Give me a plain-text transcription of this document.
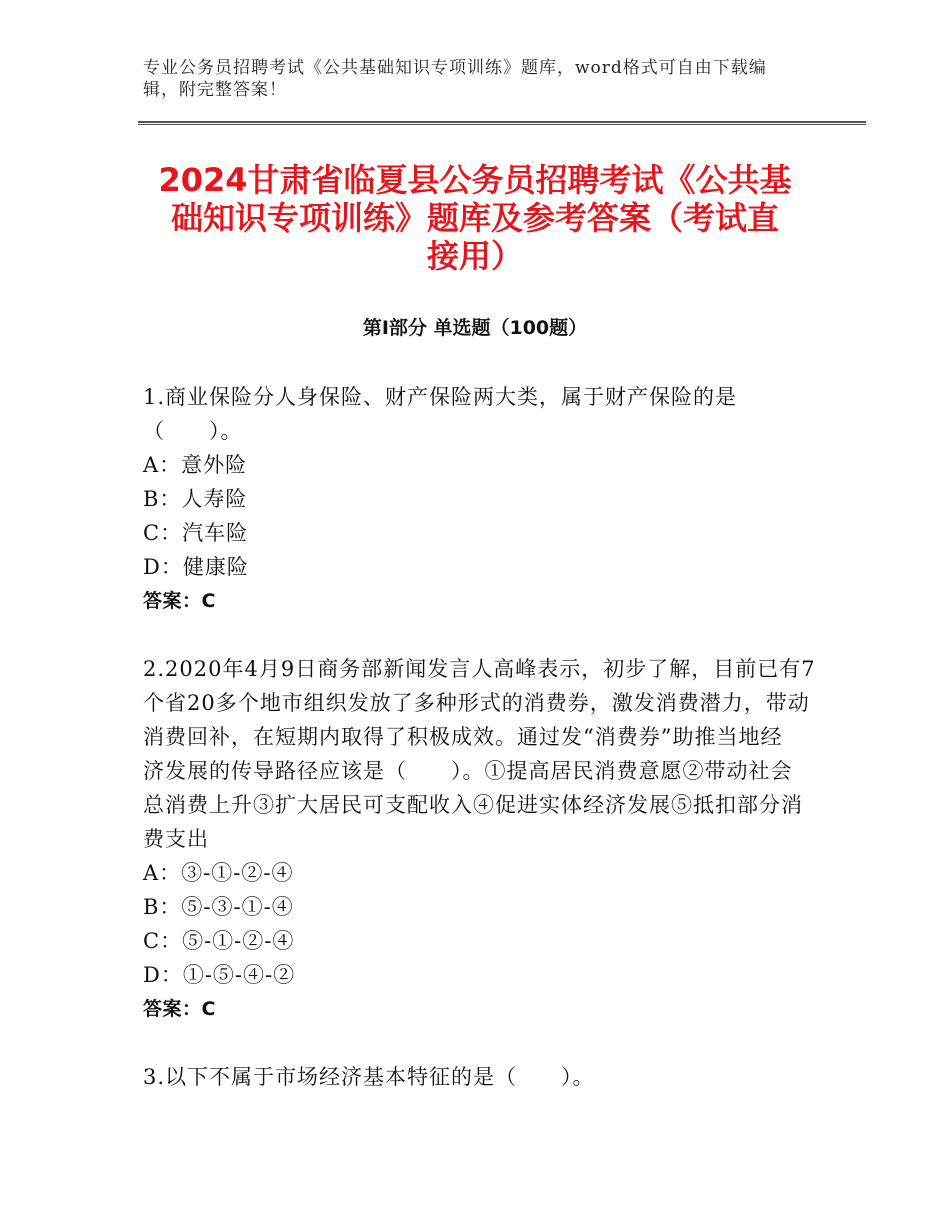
专业公务员招聘考试《公共基础知识专项训练》题库，word格式可自由下载编
辑，附完整答案！
2024甘肃省临夏县公务员招聘考试《公共基
础知识专项训练》题库及参考答案（考试直
接用）
第Ⅰ部分 单选题（100题）
1.商业保险分人身保险、财产保险两大类，属于财产保险的是
（　　）。
A：意外险
B：人寿险
C：汽车险
D：健康险
答案：C
2.2020年4月9日商务部新闻发言人高峰表示，初步了解，目前已有7
个省20多个地市组织发放了多种形式的消费券，激发消费潜力，带动
消费回补，在短期内取得了积极成效。通过发“消费券”助推当地经
济发展的传导路径应该是（　　）。①提高居民消费意愿②带动社会
总消费上升③扩大居民可支配收入④促进实体经济发展⑤抵扣部分消
费支出
A：③-①-②-④
B：⑤-③-①-④
C：⑤-①-②-④
D：①-⑤-④-②
答案：C
3.以下不属于市场经济基本特征的是（　　）。
